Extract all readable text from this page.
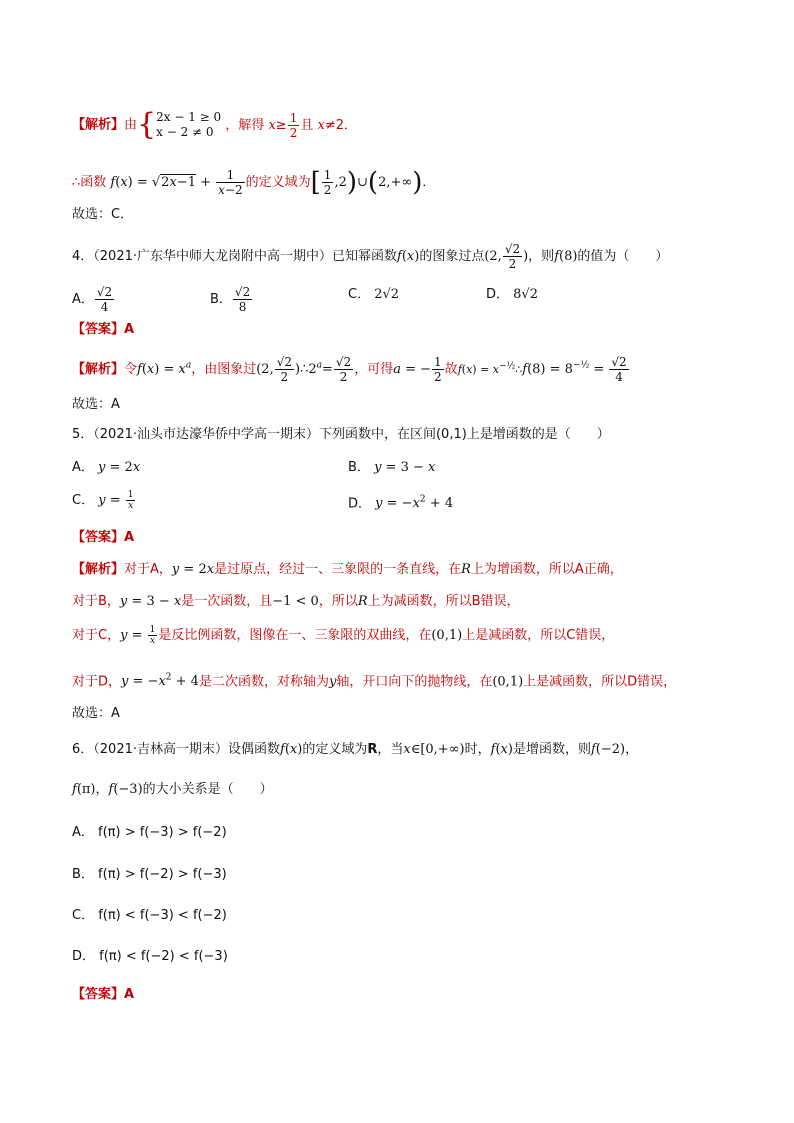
【解析】由{ 2x − 1 ≥ 0
x − 2 ≠ 0 ，解得 $x\ge \frac{1}{2}$ 且 x≠2．
∴函数 $f(x) = √2x-1 + \frac{1}{x-2}$ 的定义域为[ $\frac{1}{2}$ ,2)∪(2,+∞)．
故选：C．
4．（2021·广东华中师大龙岗附中高一期中）已知幂函数f(x)的图象过点(2, $\frac{√2}{2}$ )，则f(8)的值为（　　）
A． $\frac{√2}{4}$	B． $\frac{√2}{8}$	C． 2√2	D． 8√2
【答案】A
【解析】令$f(x) = x^a$，由图象过(2, $\frac{√2}{2}$ )$\therefore 2^a= \frac{√2}{2}$ ，可得a = − $\frac{1}{2}$ 故$f(x) = x^{-\frac{1}{2}}\therefore f(8) = 8^{-\frac{1}{2}} = \frac{√2}{4}$
故选：A
5．（2021·汕头市达濠华侨中学高一期末）下列函数中，在区间(0,1)上是增函数的是（　　）
A． y = 2x	B． y = 3 − x
C． $y = \frac{1}{x}$	D． $y = -x^2 + 4$
【答案】A
【解析】对于A，y = 2x是过原点，经过一、三象限的一条直线，在R上为增函数，所以A正确，
对于B，y = 3 − x是一次函数，且−1 < 0，所以R上为减函数，所以B错误，
对于C，$y = \frac{1}{x}$ 是反比例函数，图像在一、三象限的双曲线，在(0,1)上是减函数，所以C错误，
对于D，$y = -x^2 + 4$是二次函数，对称轴为y轴，开口向下的抛物线，在(0,1)上是减函数，所以D错误，
故选：A
6．（2021·吉林高一期末）设偶函数f(x)的定义域为R，当x∈[0,+∞)时，f(x)是增函数，则f(−2)，
f(π)，f(−3)的大小关系是（　　）
A． f(π) > f(−3) > f(−2)
B． f(π) > f(−2) > f(−3)
C． f(π) < f(−3) < f(−2)
D． f(π) < f(−2) < f(−3)
【答案】A
